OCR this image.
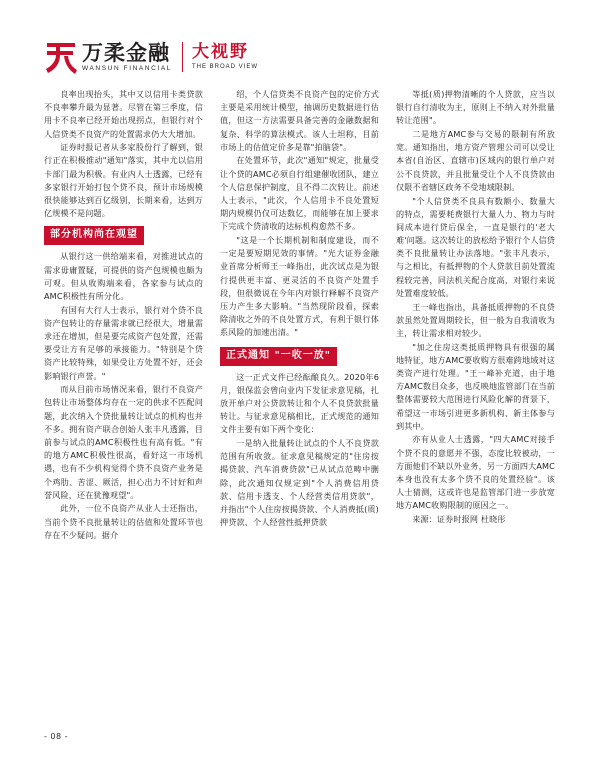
万柔金融
WANSUN FINANCIAL
大视野
THE BROAD VIEW

良率出现抬头，其中又以信用卡类贷款不良率攀升最为显著。尽管在第三季度，信用卡不良率已经开始出现拐点，但银行对个人信贷类不良资产的处置需求仍大大增加。

证券时报记者从多家股份行了解到，银行正在积极推动"通知"落实，其中尤以信用卡部门最为积极。有业内人士透露，已经有多家银行开始打包个贷不良，预计市场规模很快能够达到百亿级别，长期来看，达到万亿规模不是问题。

部分机构尚在观望

从银行这一供给端来看，对推进试点的需求毋庸置疑，可提供的资产包规模也颇为可观。但从收购端来看，各家参与试点的AMC积极性有所分化。

有国有大行人士表示，银行对个贷不良资产包转让的存量需求就已经很大，增量需求还在增加，但是要完成资产包处置，还需要受让方有足够的承接能力。"特别是个贷资产比较特殊，如果受让方处置不好，还会影响银行声誉。"

而从目前市场情况来看，银行不良资产包转让市场整体均存在一定的供求不匹配问题，此次纳入个贷批量转让试点的机构也并不多。拥有资产联合创始人张丰凡透露，目前参与试点的AMC积极性也有高有低。"有的地方AMC积极性很高，看好这一市场机遇，也有不少机构觉得个贷不良资产业务是个鸡肋、苦涩、厥活，担心出力不讨好和声誉风险，还在犹豫观望"。

此外，一位不良资产从业人士还指出，当前个贷不良批量转让的估值和处置环节也存在不少疑问。据介

绍，个人信贷类不良资产包的定价方式主要是采用统计模型，抽调历史数据进行估值，但这一方法需要具备完善的金融数据和复杂、科学的算法模式。该人士坦称，目前市场上的估值定价多是靠"拍脑袋"。

在处置环节，此次"通知"规定，批量受让个贷的AMC必须自行组建催收团队，建立个人信息保护制度，且不得二次转让。前述人士表示，"此次，个人信用卡不良处置短期内规模仍仅可达数亿，而能够在加上要求下完成个贷清收的达标机构愈然不多。

"这是一个长期机制和制度建设，而不一定是要短期见效的事情。"光大证券金融业首席分析师王一峰指出，此次试点是为银行提供更丰富、更灵活的不良资产处置手段，但很微说在今年内对银行释解不良资产压力产生多大影响。"当然现阶段看，探索除清收之外的不良处置方式，有利于银行体系风险的加速出清。"

正式通知 "一收一放"

这一正式文件已经酝酿良久。2020年6月，银保监会曾向业内下发征求意见稿，扎放开单户对公贷款转让和个人不良贷款批量转让。与征求意见稿相比，正式规范的通知文件主要有如下两个变化：

一是纳入批量转让试点的个人不良贷款范围有所收敛。征求意见稿规定的"住房按揭贷款、汽车消费贷款"已从试点范畴中删除，此次通知仅规定到"个人消费信用贷款、信用卡透支、个人经营类信用贷款"，并指出"个人住房按揭贷款、个人消费抵(质)押贷款、个人经营性抵押贷款

等抵(质)押物清晰的个人贷款，应当以银行自行清收为主，原则上不纳入对外批量转让范围"。

二是地方AMC参与交易的限制有所放宽。通知指出，地方资产管理公司可以受让本省(自治区、直辖市)区域内的银行单户对公不良贷款，并且批量受让个人不良贷款由仅限不省辖区政务不受地域限制。

"个人信贷类不良具有数额小、数量大的特点，需要耗费银行大量人力、物力与时间成本进行贷后保全，一直是银行的'老大难'问题。这次转让的放松给予银行个人信贷类不良批量转让办法落地。"张丰凡表示，与之相比，有抵押物的个人贷款目前处置流程较完善，同法机关配合度高，对银行来说处置难度较低。

王一峰也指出，具备抵质押物的不良贷款虽然处置周期较长，但一般为自我清收为主，转让需求相对较少。

"加之住房这类抵质押物具有很强的属地特征，地方AMC要收购方很难跨地域对这类资产进行处理。"王一峰补充道，由于地方AMC数目众多，也反映地监管部门在当前整体需要较大范围进行风险化解的背景下，希望这一市场引进更多新机构、新主体参与到其中。

亦有从业人士透露，"四大AMC对接手个贷不良的意愿并不强，态度比较被动，一方面他们不缺以外业务，另一方面四大AMC本身也没有太多个贷不良的处置经验"。该人士猜测，这或许也是监管部门进一步放宽地方AMC收购限制的原因之一。

来源：证券时报网 杜晓彤

- 08 -
